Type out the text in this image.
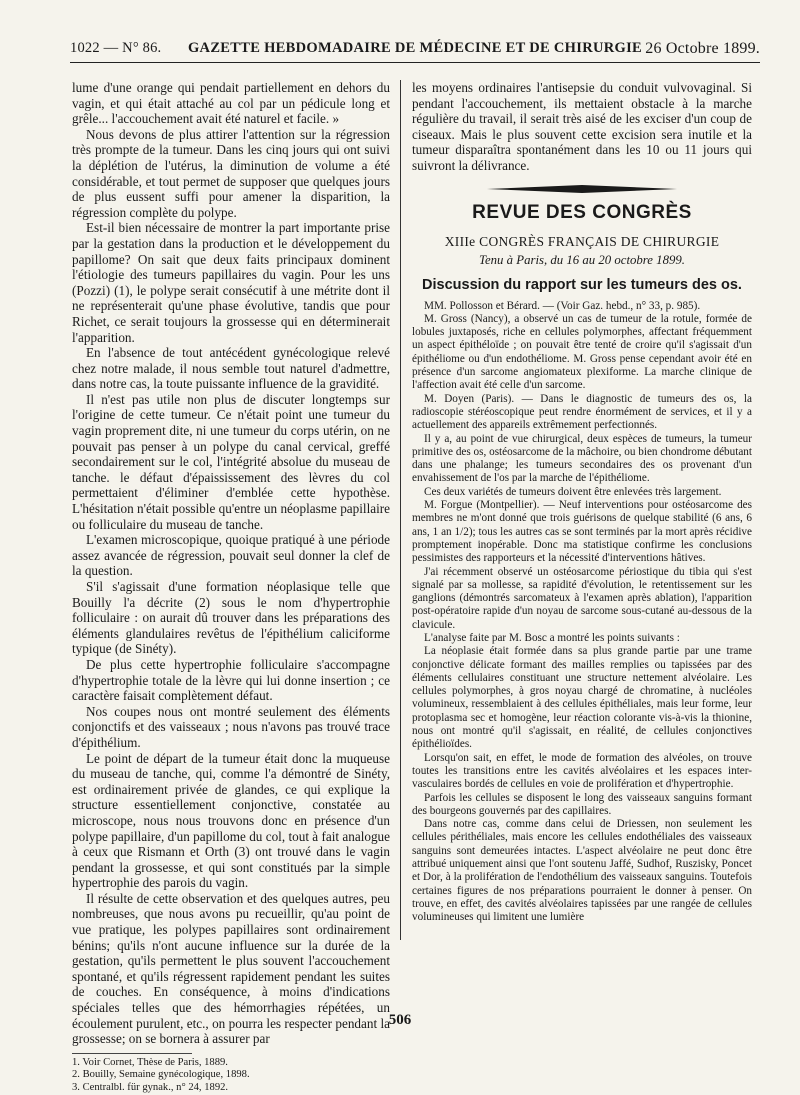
1022 — N° 86.	GAZETTE HEBDOMADAIRE DE MÉDECINE ET DE CHIRURGIE 26 Octobre 1899.

lume d'une orange qui pendait partiellement en dehors du vagin, et qui était attaché au col par un pédicule long et grêle... l'accouchement avait été naturel et facile. »

Nous devons de plus attirer l'attention sur la régression très prompte de la tumeur. Dans les cinq jours qui ont suivi la déplétion de l'utérus, la diminution de volume a été considérable, et tout permet de supposer que quelques jours de plus eussent suffi pour amener la disparition, la régression complète du polype.

Est-il bien nécessaire de montrer la part importante prise par la gestation dans la production et le développement du papillome? On sait que deux faits principaux dominent l'étiologie des tumeurs papillaires du vagin. Pour les uns (Pozzi) (1), le polype serait consécutif à une métrite dont il ne représenterait qu'une phase évolutive, tandis que pour Richet, ce serait toujours la grossesse qui en déterminerait l'apparition.

En l'absence de tout antécédent gynécologique relevé chez notre malade, il nous semble tout naturel d'admettre, dans notre cas, la toute puissante influence de la gravidité.

Il n'est pas utile non plus de discuter longtemps sur l'origine de cette tumeur. Ce n'était point une tumeur du vagin proprement dite, ni une tumeur du corps utérin, on ne pouvait pas penser à un polype du canal cervical, greffé secondairement sur le col, l'intégrité absolue du museau de tanche. le défaut d'épaississement des lèvres du col permettaient d'éliminer d'emblée cette hypothèse. L'hésitation n'était possible qu'entre un néoplasme papillaire ou folliculaire du museau de tanche.

L'examen microscopique, quoique pratiqué à une période assez avancée de régression, pouvait seul donner la clef de la question.

S'il s'agissait d'une formation néoplasique telle que Bouilly l'a décrite (2) sous le nom d'hypertrophie folliculaire : on aurait dû trouver dans les préparations des éléments glandulaires revêtus de l'épithélium caliciforme typique (de Sinéty).

De plus cette hypertrophie folliculaire s'accompagne d'hypertrophie totale de la lèvre qui lui donne insertion ; ce caractère faisait complètement défaut.

Nos coupes nous ont montré seulement des éléments conjonctifs et des vaisseaux ; nous n'avons pas trouvé trace d'épithélium.

Le point de départ de la tumeur était donc la muqueuse du museau de tanche, qui, comme l'a démontré de Sinéty, est ordinairement privée de glandes, ce qui explique la structure essentiellement conjonctive, constatée au microscope, nous nous trouvons donc en présence d'un polype papillaire, d'un papillome du col, tout à fait analogue à ceux que Rismann et Orth (3) ont trouvé dans le vagin pendant la grossesse, et qui sont constitués par la simple hypertrophie des parois du vagin.

Il résulte de cette observation et des quelques autres, peu nombreuses, que nous avons pu recueillir, qu'au point de vue pratique, les polypes papillaires sont ordinairement bénins; qu'ils n'ont aucune influence sur la durée de la gestation, qu'ils permettent le plus souvent l'accouchement spontané, et qu'ils régressent rapidement pendant les suites de couches. En conséquence, à moins d'indications spéciales telles que des hémorrhagies répétées, un écoulement purulent, etc., on pourra les respecter pendant la grossesse; on se bornera à assurer par

1. Voir Cornet, Thèse de Paris, 1889.
2. Bouilly, Semaine gynécologique, 1898.
3. Centralbl. für gynak., n° 24, 1892.

les moyens ordinaires l'antisepsie du conduit vulvovaginal. Si pendant l'accouchement, ils mettaient obstacle à la marche régulière du travail, il serait très aisé de les exciser d'un coup de ciseaux. Mais le plus souvent cette excision sera inutile et la tumeur disparaîtra spontanément dans les 10 ou 11 jours qui suivront la délivrance.

REVUE DES CONGRÈS
XIIIe CONGRÈS FRANÇAIS DE CHIRURGIE
Tenu à Paris, du 16 au 20 octobre 1899.
Discussion du rapport sur les tumeurs des os.

MM. Pollosson et Bérard. — (Voir Gaz. hebd., n° 33, p. 985).

M. Gross (Nancy), a observé un cas de tumeur de la rotule, formée de lobules juxtaposés, riche en cellules polymorphes, affectant fréquemment un aspect épithéloïde ; on pouvait être tenté de croire qu'il s'agissait d'un épithéliome ou d'un endothéliome. M. Gross pense cependant avoir été en présence d'un sarcome angiomateux plexiforme. La marche clinique de l'affection avait été celle d'un sarcome.

M. Doyen (Paris). — Dans le diagnostic de tumeurs des os, la radioscopie stéréoscopique peut rendre énormément de services, et il y a actuellement des appareils extrêmement perfectionnés.

Il y a, au point de vue chirurgical, deux espèces de tumeurs, la tumeur primitive des os, ostéosarcome de la mâchoire, ou bien chondrome débutant dans une phalange; les tumeurs secondaires des os provenant d'un envahissement de l'os par la marche de l'épithéliome.

Ces deux variétés de tumeurs doivent être enlevées très largement.

M. Forgue (Montpellier). — Neuf interventions pour ostéosarcome des membres ne m'ont donné que trois guérisons de quelque stabilité (6 ans, 6 ans, 1 an 1/2); tous les autres cas se sont terminés par la mort après récidive promptement inopérable. Donc ma statistique confirme les conclusions pessimistes des rapporteurs et la nécessité d'interventions hâtives.

J'ai récemment observé un ostéosarcome périostique du tibia qui s'est signalé par sa mollesse, sa rapidité d'évolution, le retentissement sur les ganglions (démontrés sarcomateux à l'examen après ablation), l'apparition post-opératoire rapide d'un noyau de sarcome sous-cutané au-dessous de la clavicule.

L'analyse faite par M. Bosc a montré les points suivants :

La néoplasie était formée dans sa plus grande partie par une trame conjonctive délicate formant des mailles remplies ou tapissées par des éléments cellulaires constituant une structure nettement alvéolaire. Les cellules polymorphes, à gros noyau chargé de chromatine, à nucléoles volumineux, ressemblaient à des cellules épithéliales, mais leur forme, leur protoplasma sec et homogène, leur réaction colorante vis-à-vis la thionine, nous ont montré qu'il s'agissait, en réalité, de cellules conjonctives épithélioïdes.

Lorsqu'on sait, en effet, le mode de formation des alvéoles, on trouve toutes les transitions entre les cavités alvéolaires et les espaces inter-vasculaires bordés de cellules en voie de prolifération et d'hypertrophie.

Parfois les cellules se disposent le long des vaisseaux sanguins formant des bourgeons gouvernés par des capillaires.

Dans notre cas, comme dans celui de Driessen, non seulement les cellules périthéliales, mais encore les cellules endothéliales des vaisseaux sanguins sont demeurées intactes. L'aspect alvéolaire ne peut donc être attribué uniquement ainsi que l'ont soutenu Jaffé, Sudhof, Ruszisky, Poncet et Dor, à la prolifération de l'endothélium des vaisseaux sanguins. Toutefois certaines figures de nos préparations pourraient le donner à penser. On trouve, en effet, des cavités alvéolaires tapissées par une rangée de cellules volumineuses qui limitent une lumière

506
